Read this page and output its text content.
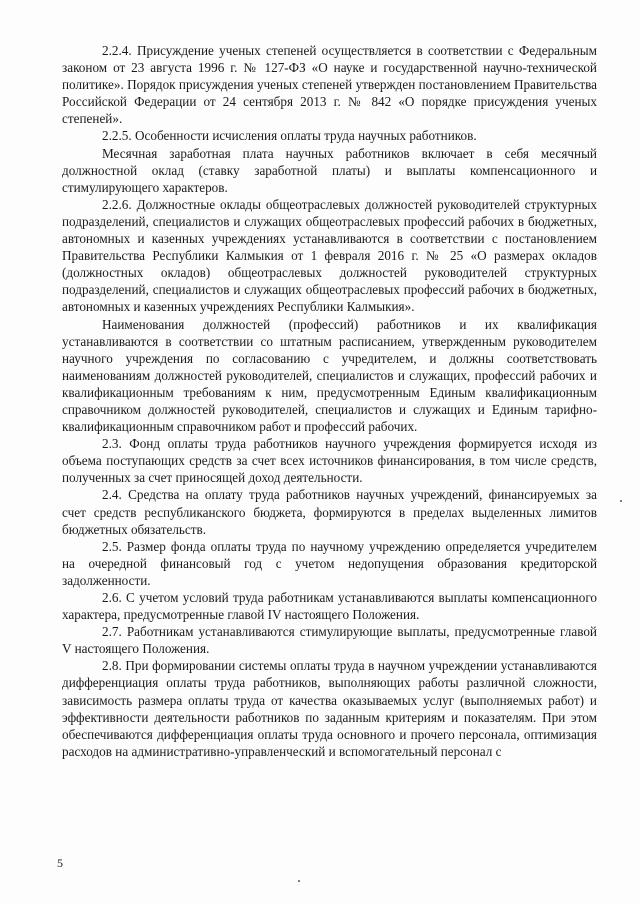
2.2.4. Присуждение ученых степеней осуществляется в соответствии с Федеральным законом от 23 августа 1996 г. № 127-ФЗ «О науке и государственной научно-технической политике». Порядок присуждения ученых степеней утвержден постановлением Правительства Российской Федерации от 24 сентября 2013 г. № 842 «О порядке присуждения ученых степеней».

2.2.5. Особенности исчисления оплаты труда научных работников.

Месячная заработная плата научных работников включает в себя месячный должностной оклад (ставку заработной платы) и выплаты компенсационного и стимулирующего характеров.

2.2.6. Должностные оклады общеотраслевых должностей руководителей структурных подразделений, специалистов и служащих общеотраслевых профессий рабочих в бюджетных, автономных и казенных учреждениях устанавливаются в соответствии с постановлением Правительства Республики Калмыкия от 1 февраля 2016 г. № 25 «О размерах окладов (должностных окладов) общеотраслевых должностей руководителей структурных подразделений, специалистов и служащих общеотраслевых профессий рабочих в бюджетных, автономных и казенных учреждениях Республики Калмыкия».

Наименования должностей (профессий) работников и их квалификация устанавливаются в соответствии со штатным расписанием, утвержденным руководителем научного учреждения по согласованию с учредителем, и должны соответствовать наименованиям должностей руководителей, специалистов и служащих, профессий рабочих и квалификационным требованиям к ним, предусмотренным Единым квалификационным справочником должностей руководителей, специалистов и служащих и Единым тарифно-квалификационным справочником работ и профессий рабочих.

2.3. Фонд оплаты труда работников научного учреждения формируется исходя из объема поступающих средств за счет всех источников финансирования, в том числе средств, полученных за счет приносящей доход деятельности.

2.4. Средства на оплату труда работников научных учреждений, финансируемых за счет средств республиканского бюджета, формируются в пределах выделенных лимитов бюджетных обязательств.

2.5. Размер фонда оплаты труда по научному учреждению определяется учредителем на очередной финансовый год с учетом недопущения образования кредиторской задолженности.

2.6. С учетом условий труда работникам устанавливаются выплаты компенсационного характера, предусмотренные главой IV настоящего Положения.

2.7. Работникам устанавливаются стимулирующие выплаты, предусмотренные главой V настоящего Положения.

2.8. При формировании системы оплаты труда в научном учреждении устанавливаются дифференциация оплаты труда работников, выполняющих работы различной сложности, зависимость размера оплаты труда от качества оказываемых услуг (выполняемых работ) и эффективности деятельности работников по заданным критериям и показателям. При этом обеспечиваются дифференциация оплаты труда основного и прочего персонала, оптимизация расходов на административно-управленческий и вспомогательный персонал с

5
